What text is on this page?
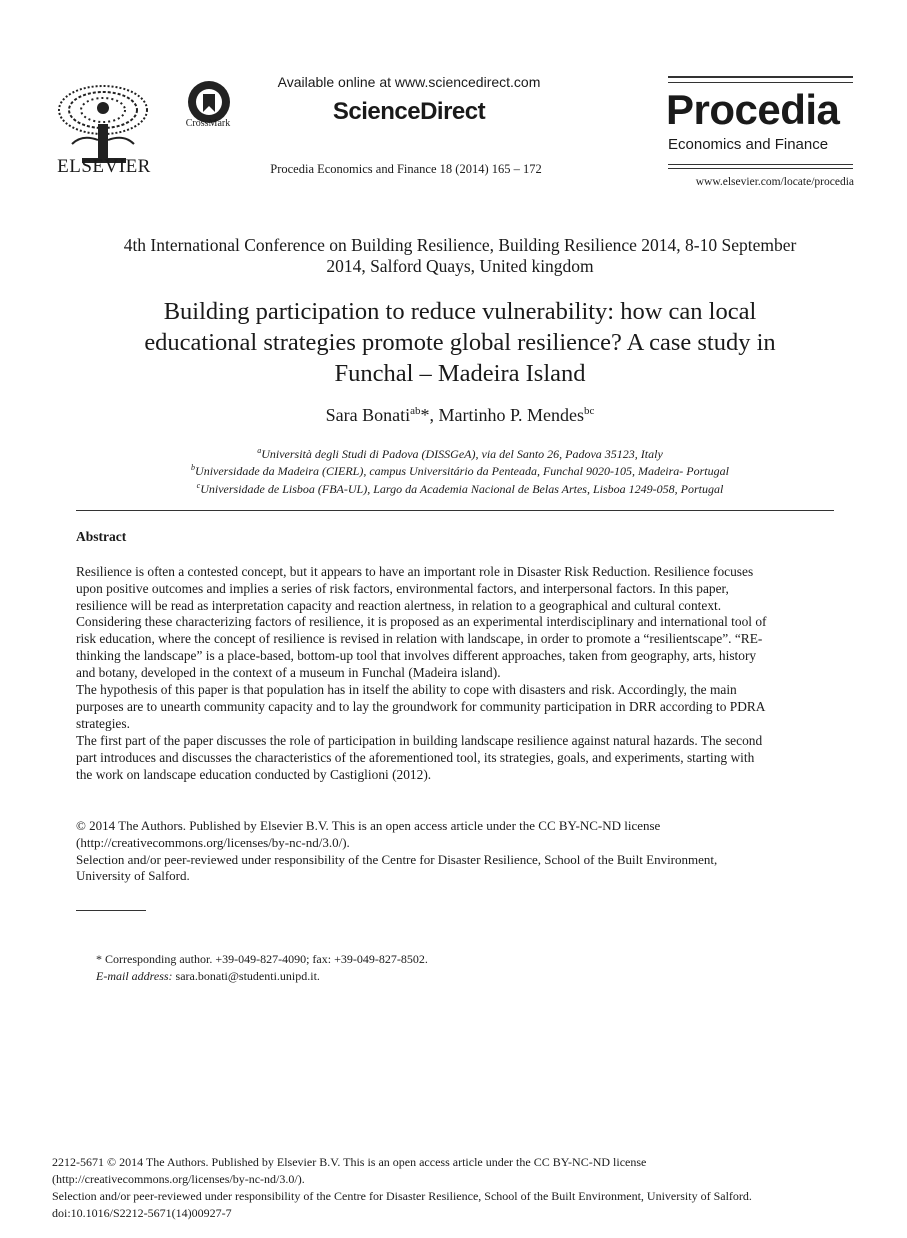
ELSEVIER
CrossMark
Available online at www.sciencedirect.com
ScienceDirect
Procedia Economics and Finance 18 (2014) 165 – 172
Procedia
Economics and Finance
www.elsevier.com/locate/procedia
4th International Conference on Building Resilience, Building Resilience 2014, 8-10 September
2014, Salford Quays, United kingdom
Building participation to reduce vulnerability: how can local
educational strategies promote global resilience? A case study in
Funchal – Madeira Island
Sara Bonati$^{ab}$*, Martinho P. Mendes$^{bc}$
$^a$Università degli Studi di Padova (DISSGeA), via del Santo 26, Padova 35123, Italy
$^b$Universidade da Madeira (CIERL), campus Universitário da Penteada, Funchal 9020-105, Madeira- Portugal
$^c$Universidade de Lisboa (FBA-UL), Largo da Academia Nacional de Belas Artes, Lisboa 1249-058, Portugal
Abstract
Resilience is often a contested concept, but it appears to have an important role in Disaster Risk Reduction. Resilience focuses
upon positive outcomes and implies a series of risk factors, environmental factors, and interpersonal factors. In this paper,
resilience will be read as interpretation capacity and reaction alertness, in relation to a geographical and cultural context.
Considering these characterizing factors of resilience, it is proposed as an experimental interdisciplinary and international tool of
risk education, where the concept of resilience is revised in relation with landscape, in order to promote a “resilientscape”. “RE-
thinking the landscape” is a place-based, bottom-up tool that involves different approaches, taken from geography, arts, history
and botany, developed in the context of a museum in Funchal (Madeira island).
The hypothesis of this paper is that population has in itself the ability to cope with disasters and risk. Accordingly, the main
purposes are to unearth community capacity and to lay the groundwork for community participation in DRR according to PDRA
strategies.
The first part of the paper discusses the role of participation in building landscape resilience against natural hazards. The second
part introduces and discusses the characteristics of the aforementioned tool, its strategies, goals, and experiments, starting with
the work on landscape education conducted by Castiglioni (2012).
© 2014 The Authors. Published by Elsevier B.V. This is an open access article under the CC BY-NC-ND license
(http://creativecommons.org/licenses/by-nc-nd/3.0/).
Selection and/or peer-reviewed under responsibility of the Centre for Disaster Resilience, School of the Built Environment,
University of Salford.
* Corresponding author. +39-049-827-4090; fax: +39-049-827-8502.
E-mail address: sara.bonati@studenti.unipd.it.
2212-5671 © 2014 The Authors. Published by Elsevier B.V. This is an open access article under the CC BY-NC-ND license
(http://creativecommons.org/licenses/by-nc-nd/3.0/).
Selection and/or peer-reviewed under responsibility of the Centre for Disaster Resilience, School of the Built Environment, University of Salford.
doi:10.1016/S2212-5671(14)00927-7
